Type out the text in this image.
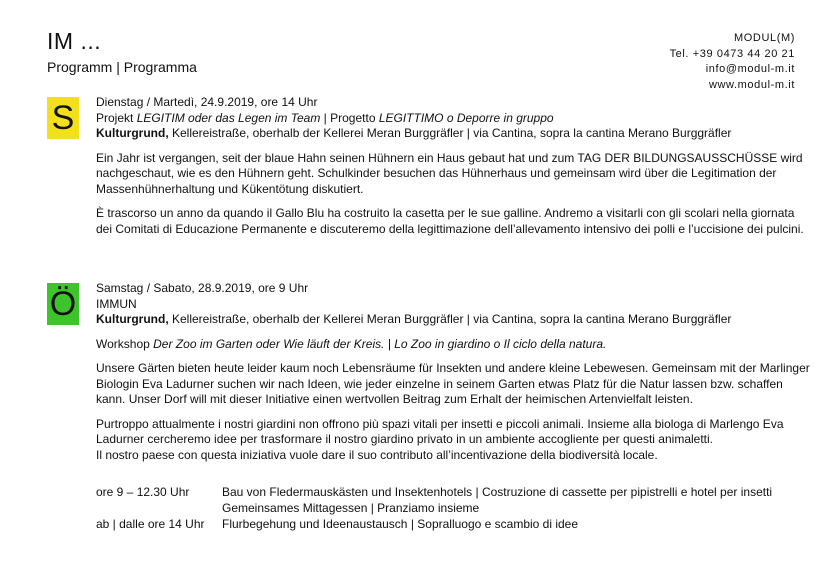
IM ...
Programm | Programma
MODUL(M)
Tel. +39 0473 44 20 21
info@modul-m.it
www.modul-m.it
S	Dienstag / Martedì, 24.9.2019, ore 14 Uhr

Projekt LEGITIM oder das Legen im Team | Progetto LEGITTIMO o Deporre in gruppo

Kulturgrund, Kellereistraße, oberhalb der Kellerei Meran Burggräfler | via Cantina, sopra la cantina Merano Burggräfler

Ein Jahr ist vergangen, seit der blaue Hahn seinen Hühnern ein Haus gebaut hat und zum TAG DER BILDUNGSAUSSCHÜSSE wird nachgeschaut, wie es den Hühnern geht. Schulkinder besuchen das Hühnerhaus und gemeinsam wird über die Legitimation der Massenhühnerhaltung und Kükentötung diskutiert.

È trascorso un anno da quando il Gallo Blu ha costruito la casetta per le sue galline. Andremo a visitarli con gli scolari nella giornata dei Comitati di Educazione Permanente e discuteremo della legittimazione dell’allevamento intensivo dei polli e l’uccisione dei pulcini.

Ö Samstag / Sabato, 28.9.2019, ore 9 Uhr

IMMUN

Kulturgrund, Kellereistraße, oberhalb der Kellerei Meran Burggräfler | via Cantina, sopra la cantina Merano Burggräfler

Workshop Der Zoo im Garten oder Wie läuft der Kreis. | Lo Zoo in giardino o Il ciclo della natura.

Unsere Gärten bieten heute leider kaum noch Lebensräume für Insekten und andere kleine Lebewesen. Gemeinsam mit der Marlinger Biologin Eva Ladurner suchen wir nach Ideen, wie jeder einzelne in seinem Garten etwas Platz für die Natur lassen bzw. schaffen kann. Unser Dorf will mit dieser Initiative einen wertvollen Beitrag zum Erhalt der heimischen Artenvielfalt leisten.

Purtroppo attualmente i nostri giardini non offrono più spazi vitali per insetti e piccoli animali. Insieme alla biologa di Marlengo Eva Ladurner cercheremo idee per trasformare il nostro giardino privato in un ambiente accogliente per questi animaletti.

Il nostro paese con questa iniziativa vuole dare il suo contributo all’incentivazione della biodiversità locale.

ore 9 – 12.30 Uhr	Bau von Fledermauskästen und Insektenhotels | Costruzione di cassette per pipistrelli e hotel per insetti
Gemeinsames Mittagessen | Pranziamo insieme
ab | dalle ore 14 Uhr	Flurbegehung und Ideenaustausch | Sopralluogo e scambio di idee
